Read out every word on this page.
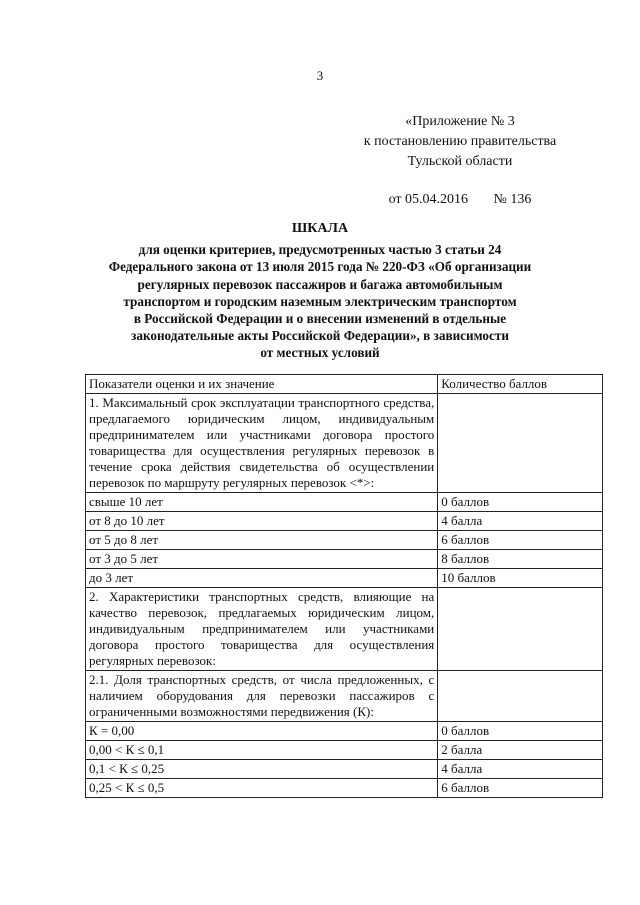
3
«Приложение № 3
к постановлению правительства
Тульской области
от 05.04.2016 № 136
ШКАЛА
для оценки критериев, предусмотренных частью 3 статьи 24
Федерального закона от 13 июля 2015 года № 220-ФЗ «Об организации
регулярных перевозок пассажиров и багажа автомобильным
транспортом и городским наземным электрическим транспортом
в Российской Федерации и о внесении изменений в отдельные
законодательные акты Российской Федерации», в зависимости
от местных условий
Показатели оценки и их значение	Количество баллов
1. Максимальный срок эксплуатации транспортного средства, предлагаемого юридическим лицом, индивидуальным предпринимателем или участниками договора простого товарищества для осуществления регулярных перевозок в течение срока действия свидетельства об осуществлении перевозок по маршруту регулярных перевозок <*>:	
свыше 10 лет	0 баллов
от 8 до 10 лет	4 балла
от 5 до 8 лет	6 баллов
от 3 до 5 лет	8 баллов
до 3 лет	10 баллов
2. Характеристики транспортных средств, влияющие на качество перевозок, предлагаемых юридическим лицом, индивидуальным предпринимателем или участниками договора простого товарищества для осуществления регулярных перевозок:	
2.1. Доля транспортных средств, от числа предложенных, с наличием оборудования для перевозки пассажиров с ограниченными возможностями передвижения (К):	
К = 0,00	0 баллов
0,00 < К ≤ 0,1	2 балла
0,1 < К ≤ 0,25	4 балла
0,25 < К ≤ 0,5	6 баллов
